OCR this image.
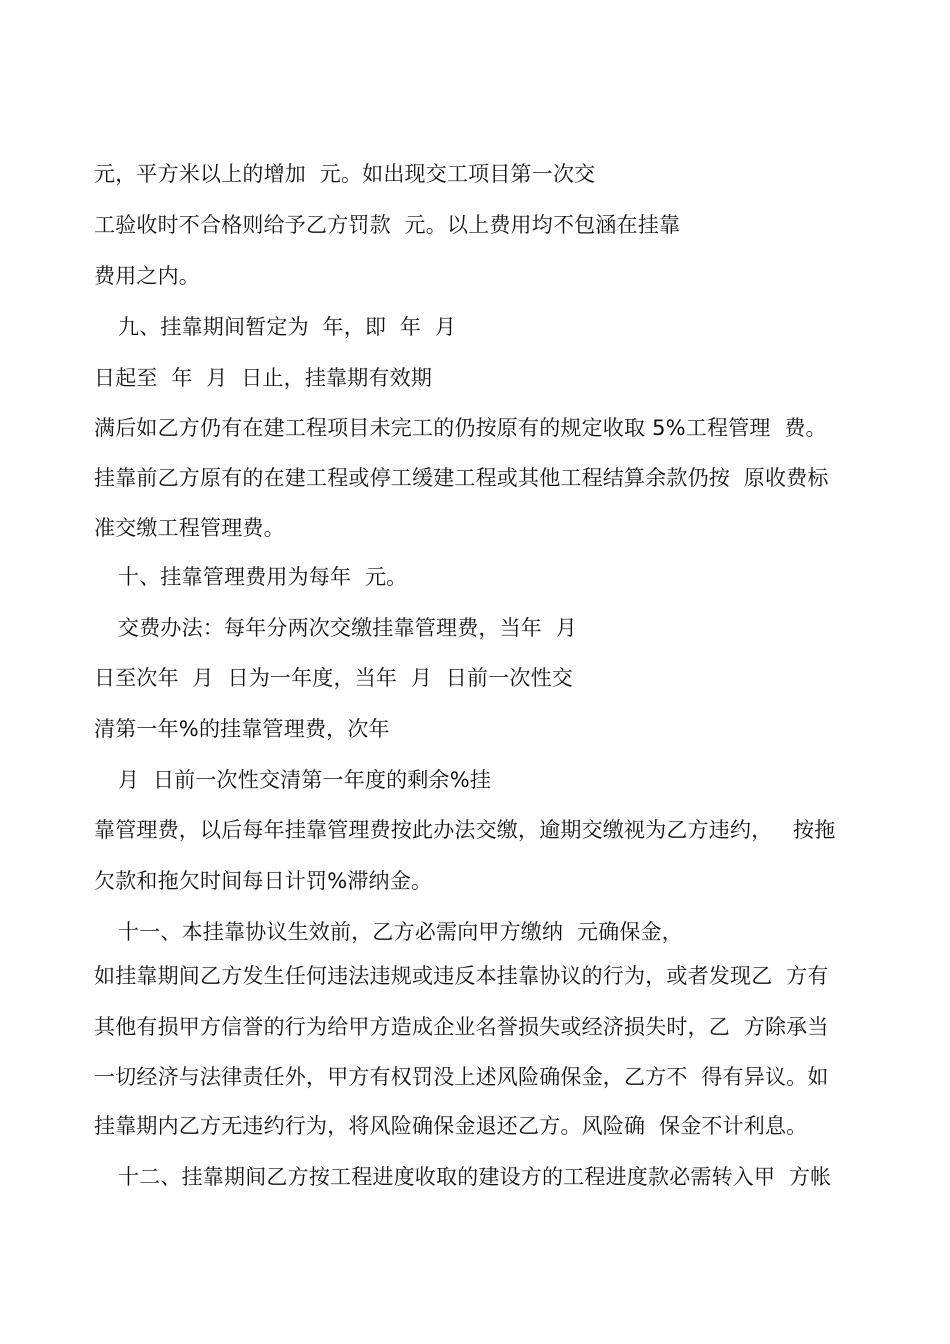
元，平方米以上的增加  元。如出现交工项目第一次交
工验收时不合格则给予乙方罚款  元。以上费用均不包涵在挂靠
费用之内。
九、挂靠期间暂定为  年，即  年  月
日起至  年  月  日止，挂靠期有效期
满后如乙方仍有在建工程项目未完工的仍按原有的规定收取 5%工程管理  费。
挂靠前乙方原有的在建工程或停工缓建工程或其他工程结算余款仍按  原收费标
准交缴工程管理费。
十、挂靠管理费用为每年  元。
交费办法：每年分两次交缴挂靠管理费，当年  月
日至次年  月  日为一年度，当年  月  日前一次性交
清第一年%的挂靠管理费，次年
月  日前一次性交清第一年度的剩余%挂
靠管理费，以后每年挂靠管理费按此办法交缴，逾期交缴视为乙方违约，   按拖
欠款和拖欠时间每日计罚%滞纳金。
十一、本挂靠协议生效前，乙方必需向甲方缴纳  元确保金，
如挂靠期间乙方发生任何违法违规或违反本挂靠协议的行为，或者发现乙  方有
其他有损甲方信誉的行为给甲方造成企业名誉损失或经济损失时，乙  方除承当
一切经济与法律责任外，甲方有权罚没上述风险确保金，乙方不  得有异议。如
挂靠期内乙方无违约行为，将风险确保金退还乙方。风险确  保金不计利息。
十二、挂靠期间乙方按工程进度收取的建设方的工程进度款必需转入甲  方帐
